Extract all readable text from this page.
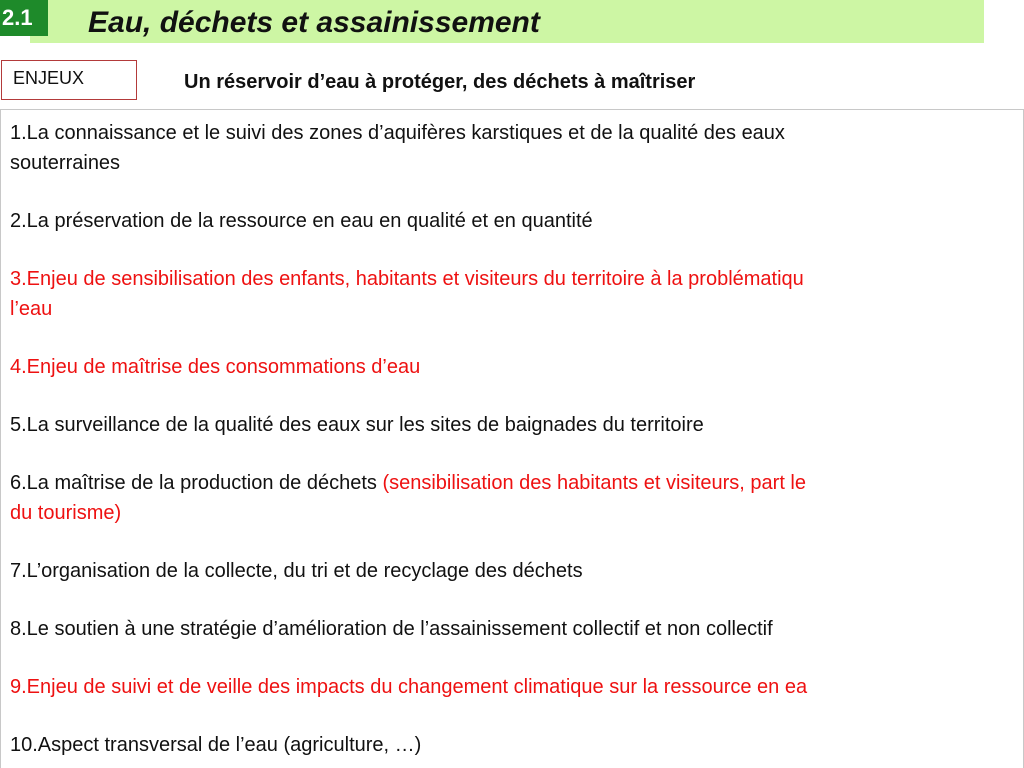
2.1	Eau, déchets et assainissement
ENJEUX	Un réservoir d’eau à protéger, des déchets à maîtriser
1.La connaissance et le suivi des zones d’aquifères karstiques et de la qualité des eaux
souterraines
2.La préservation de la ressource en eau en qualité et en quantité
3.Enjeu de sensibilisation des enfants, habitants et visiteurs du territoire à la problématiqu
l’eau
4.Enjeu de maîtrise des consommations d’eau
5.La surveillance de la qualité des eaux sur les sites de baignades du territoire
6.La maîtrise de la production de déchets (sensibilisation des habitants et visiteurs, part le
du tourisme)
7.L’organisation de la collecte, du tri et de recyclage des déchets
8.Le soutien à une stratégie d’amélioration de l’assainissement collectif et non collectif
9.Enjeu de suivi et de veille des impacts du changement climatique sur la ressource en ea
10.Aspect transversal de l’eau (agriculture, …)
